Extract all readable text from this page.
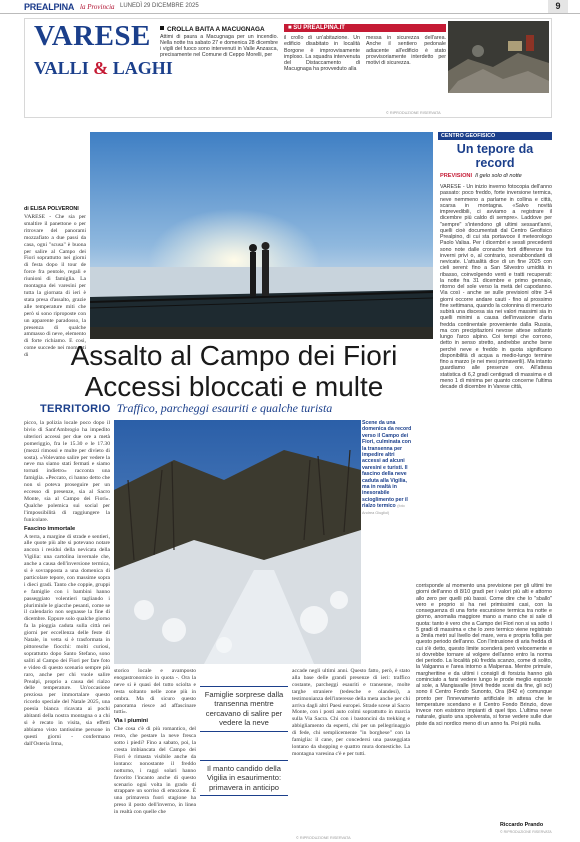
PREALPINA la Provincia LUNEDÌ 29 DICEMBRE 2025	9
VARESE
VALLI & LAGHI
CROLLA BAITA A MACUGNAGA
Attimi di paura a Macugnaga per un incendio. Nella notte tra sabato 27 e domenica 28 dicembre i vigili del fuoco sono intervenuti in Valle Anzasca, precisamente nel Comune di Ceppo Morelli, per
■ SU PREALPINA.IT
il crollo di un'abitazione. Un edificio disabitato in località Borgone è improvvisamente imploso. La squadra intervenuta del Distaccamento di Macugnaga ha provveduto alla
messa in sicurezza dell'area. Anche il sentiero pedonale adiacente all'edificio è stato provvisoriamente interdetto per motivi di sicurezza.
© RIPRODUZIONE RISERVATA
di ELISA POLVERONI
VARESE - Che sia per smaltire il panettone o per ritrovare del panorami mozzafiato a due passi da casa, ogni "scusa" è buona per salire al Campo dei Fiori soprattutto nei giorni di festa dopo il tour de force fra pentole, regali e riunioni di famiglia. La montagna dei varesini per tutta la giornata di ieri è stata presa d'assalto, grazie alle temperature miti che però si sono riproposte con un apparente paradosso, la presenza di qualche ammasso di neve, elemento di forte richiamo. E così, come succede nei momenti di	Assalto al Campo dei Fiori Accessi bloccati e multe
TERRITORIO Traffico, parcheggi esauriti e qualche turista

picco, la polizia locale poco dopo il bivio di Sant'Ambrogio ha impedito ulteriori accessi per due ore a metà pomeriggio, fra le 15.30 e le 17.30 (mezzi rimossi e multe per divieto di sosta). «Volevamo salire per vedere la neve ma siamo stati fermati e siamo tornati indietro» racconta una famiglia. «Peccato, ci hanno detto che non si poteva proseguire per un eccesso di presenze, sia al Sacro Monte, sia al Campo dei Fiori». Qualche polemica sui social per l'impossibilità di raggiungere la funicolare.

Fascino immortale

A terra, a margine di strade e sentieri, alle quote più alte si potevano notare ancora i residui della nevicata della Vigilia: una cartolina invernale che, anche a causa dell'inversione termica, si è sovrapposta a una domenica di particolare tepore, con massime sopra i dieci gradi. Tanto che coppie, gruppi e famiglie con i bambini hanno passeggiato volentieri tagliando i pluriminle le giacche pesanti, come se il calendario non segnasse la fine di dicembre. Eppure solo qualche giorno fa la pioggia caduta sulla città nei giorni per eccellenza delle feste di Natale, in vetta si è trasformata in pittoresche fiocchi: molti curiosi, soprattutto dopo Santo Stefano, sono saliti al Campo dei Fiori per fare foto e video di questo scenario sempre più raro, anche per chi vuole salire Prealpi, proprio a causa del rialzo delle temperature. Un'occasione preziosa per immortalare questo ricordo speciale del Natale 2025, una poesia bianca ricavata ai pochi abitanti della nostra montagna o a chi si è recato in visita, sia effetti abbiamo visto tantissime persone in questi giorni - confermano dall'Osteria Irma,

Scene da una domenica da record verso il Campo dei Fiori, culminata con la transenna per impedire altri accessi ad alcuni varesini e turisti. Il fascino della neve caduta alla Vigilia, ma in realtà in inesorabile scioglimento per il rialzo termico (foto Andrea Giugliol)

storico locale e avamposto enogastronomico in quota -. Ora la neve si è quasi del tutto sciolta e resta soltanto nelle zone più in ombra. Ma di sicuro questo panorama riesce ad affascinare tutti».

Via i piumini

Che cosa c'è di più romantico, del resto, che pestare la neve fresca sotto i piedi? Fino a sabato, poi, la cresta imbiancata del Campo dei Fiori è rimasta visibile anche da lontano: nonostante il freddo notturno, i raggi solari hanno favorito l'incanto anche di questo scenario ogni volta in grado di strappare un sorriso di emozione. È una primavera fuori stagione ha preso il posto dell'inverno, in linea in realtà con quelle che

Famiglie sorprese dalla transenna mentre cercavano di salire per vedere la neve
Il manto candido della Vigilia in esaurimento: primavera in anticipo

accade negli ultimi anni. Questo fatto, però, è stato alla base delle grandi presenze di ieri: traffico costante, parcheggi esauriti e transenne, molte targhe straniere (tedesche e olandesi), a testimonianza dell'interesse della meta anche per chi arriva dagli altri Paesi europei. Strade scese al Sacro Monte, con i posti auto colmi soprattutto in marcia sulla Via Sacra. Chi con i bastoncini da trekking e abbigliamento da esperti, chi per un pellegrinaggio di fede, chi semplicemente "in borghese" con la famiglia: il cane, per concedersi una passeggiata lontano da shopping e quattro mura domestiche. La montagna varesina c'è e per tutti.

© RIPRODUZIONE RISERVATA
CENTRO GEOFISICO
Un tepore da record
PREVISIONI Il gelo solo di notte
VARESE - Un inizio inverno fotocopia dell'anno passato: poco freddo, forte inversione termica, neve nemmeno a parlarne in collina e città, scarsa in montagna. «Salvo novità imprevedibili, ci avviamo a registrare il dicembre più caldo di sempre». Laddove per "sempre" s'intendono gli ultimi sessant'anni, quelli cioè documentati dal Centro Geofisico Prealpino, di cui sta portavoce il meteorologo Paolo Valisa. Per i dicembri e sessli precedenti sono note dalle cronache forti differenze tra inverni privi o, al contrario, sovrabbondanti di nevicate. L'attualità dice di un fine 2025 con cieli sereni: fino a San Silvestro umidità in ribasso, coinvolgendo venti e tratti recuperati: la notte fra 31 dicembre e primo gennaio, ritorno del sole verso la metà del capodanno. Via così - anche se sulle previsioni oltre 3-4 giorni occorre andare cauti - fino al prossimo fine settimana, quando la colonnina di mercurio subirà una discesa sia nei valori massimi sia in quelli minimi a causa dell'invasione d'aria fredda continentale proveniente dalla Russia, ma con precipitazioni nevose attese soltanto lungo l'arco alpino. Coi tempi che corrono, detto in senso stretto, andrebbe anche bene perché neve e freddo in quota significano disponibilità di acqua a medio-lungo termine fino a marzo (e nei mesi primaverili). Ma intanto guardiamo alle presenze ore. All'attesa statistica di 6,2 gradi centigradi di massima e di meno 1 di minima per quanto concerne l'ultima decade di dicembre in Varese città,
corrisponde al momento una previsione per gli ultimi tre giorni dell'anno di 8/10 gradi per i valori più alti e attorno allo zero per quelli più bassi. Come dire che lo "sballo" vero e proprio si ha nei primissimi casi, con la conseguenza di una forte escursione termica tra notte e giorno, anomalia maggiore mano a mano che si sale di quota: tanto è vero che a Campo dei Fiori non si va sotto i 5 gradi di massima e che lo zero termico viene registrato a 3mila metri sul livello del mare, vera e propria follia per questo periodo dell'anno. Con l'intrusione di aria fredda di cui s'è detto, questo limite scenderà però velocemente e si dovrebbe tornare al volgere dell'anno entro la norma dei periodo. La località più fredda scanzo, come di solito, la Valganna e l'area intorno a Malpensa. Mentre primule, margheritine e da ultimi i consigli di forsizia hanno già cominciato a farsi vedere lungo le prode meglio esposte al sole, a Mangiavalle (rinvii fredde scesi da fine, gli sci) sono il Centro Fondo Sunonto, Ora (842 e) comunque pronto per l'innevamento artificiale in attesa che le temperature scendano e il Centro Fondo Brinzio, dove invece non esistono impianti di quel tipo. L'ultima neve naturale, giusto una spolverata, si forse vedere sulle due piste da sci nordico meno di un anno fa. Poi più nulla.
Riccardo Prando
© RIPRODUZIONE RISERVATA
